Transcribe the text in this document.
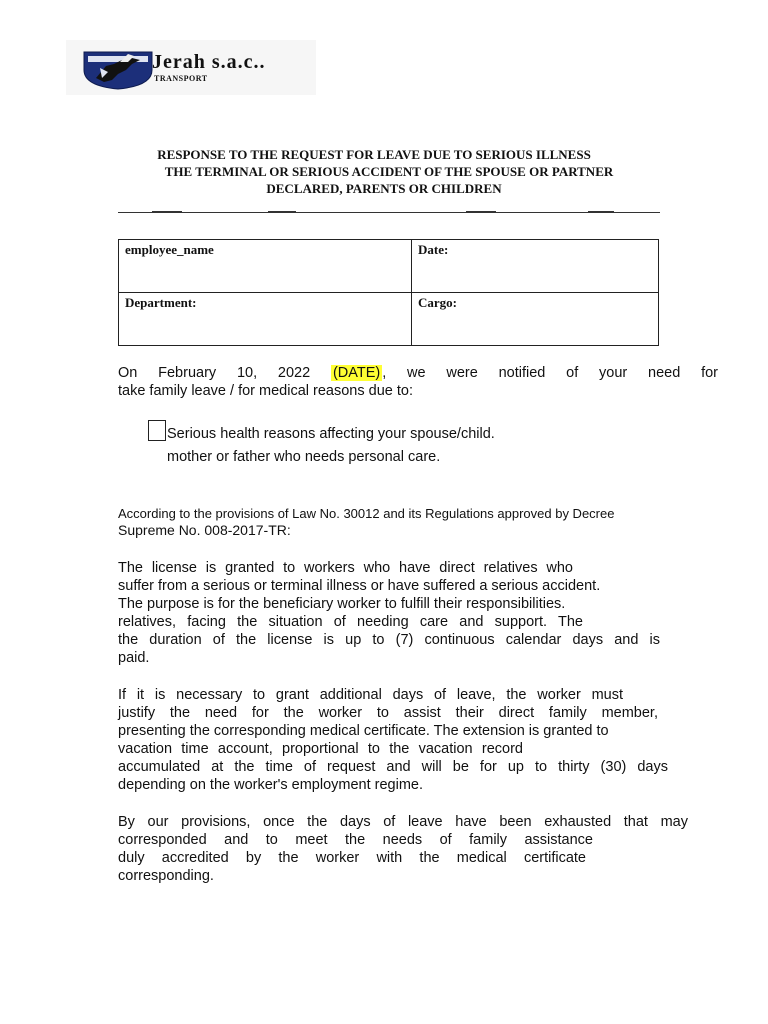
Jerah s.a.c..
TRANSPORT
RESPONSE TO THE REQUEST FOR LEAVE DUE TO SERIOUS ILLNESS
THE TERMINAL OR SERIOUS ACCIDENT OF THE SPOUSE OR PARTNER
DECLARED, PARENTS OR CHILDREN
employee_name	Date:
Department:	Cargo:
On February 10, 2022 (DATE) , we were notified of your need for
take family leave / for medical reasons due to:
Serious health reasons affecting your spouse/child.
mother or father who needs personal care.
According to the provisions of Law No. 30012 and its Regulations approved by Decree
Supreme No. 008-2017-TR:
The license is granted to workers who have direct relatives who
suffer from a serious or terminal illness or have suffered a serious accident.
The purpose is for the beneficiary worker to fulfill their responsibilities.
relatives, facing the situation of needing care and support. The
the duration of the license is up to (7) continuous calendar days and is
paid.
If it is necessary to grant additional days of leave, the worker must
justify the need for the worker to assist their direct family member,
presenting the corresponding medical certificate. The extension is granted to
vacation time account, proportional to the vacation record
accumulated at the time of request and will be for up to thirty (30) days
depending on the worker's employment regime.
By our provisions, once the days of leave have been exhausted that may
corresponded and to meet the needs of family assistance
duly accredited by the worker with the medical certificate
corresponding.
